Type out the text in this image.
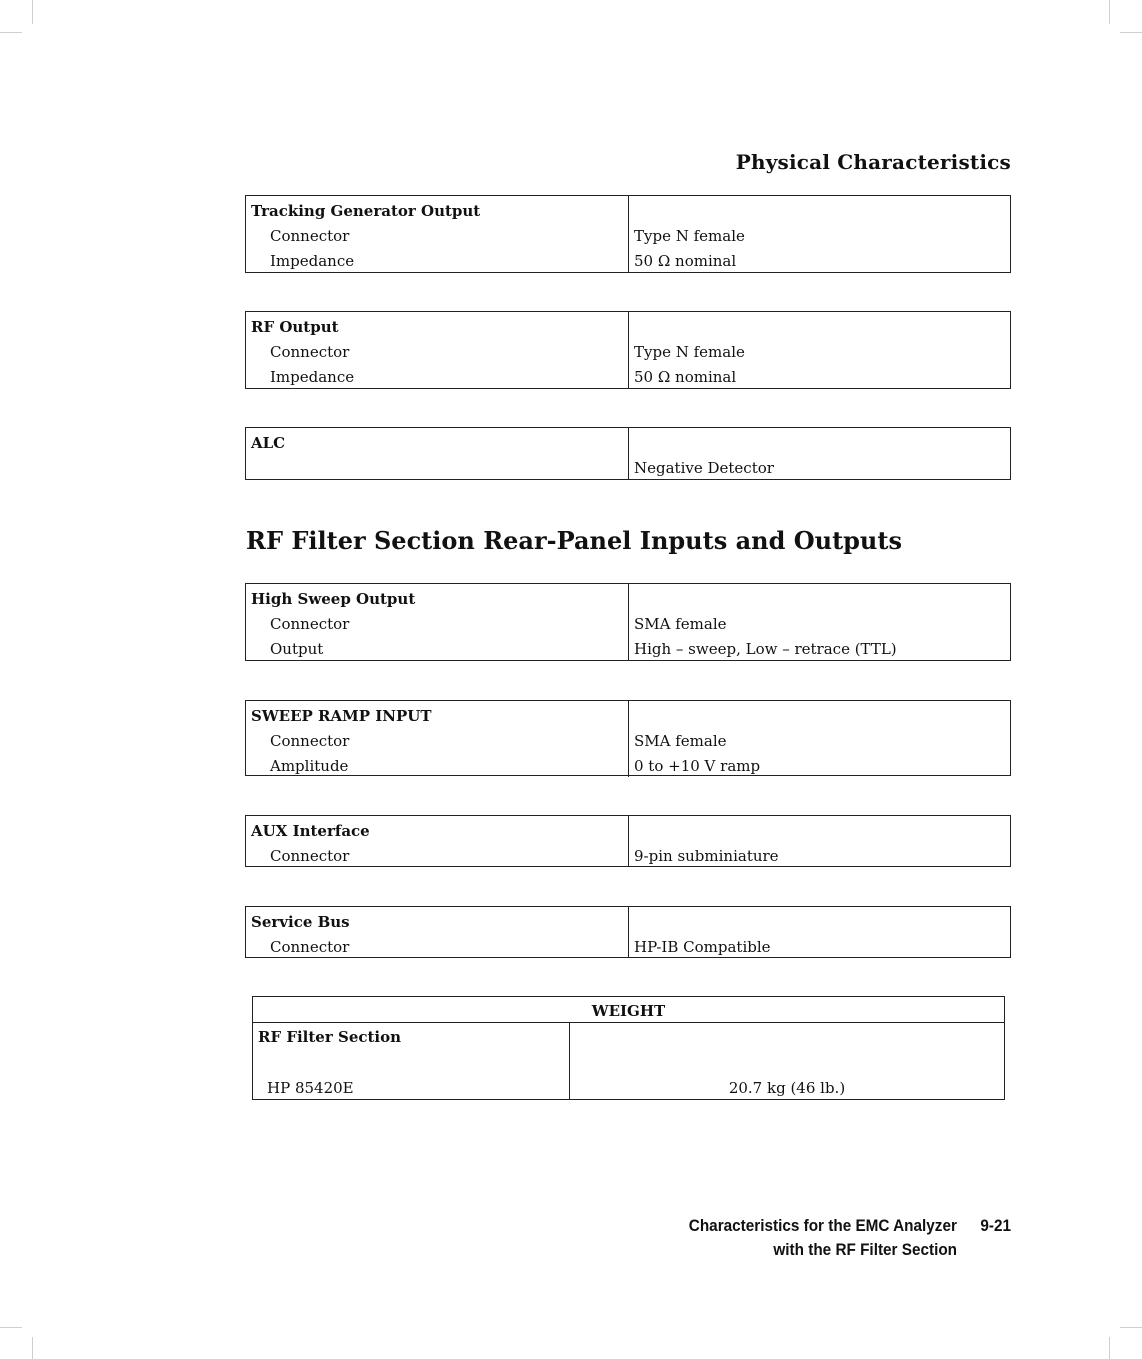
Physical Characteristics
Tracking Generator Output
Connector	Type N female
Impedance	50 Ω nominal
RF Output
Connector	Type N female
Impedance	50 Ω nominal
ALC
Negative Detector
RF Filter Section Rear-Panel Inputs and Outputs
High Sweep Output
Connector	SMA female
Output	High – sweep, Low – retrace (TTL)
SWEEP RAMP INPUT
Connector	SMA female
Amplitude	0 to +10 V ramp
AUX Interface
Connector	9-pin subminiature
Service Bus
Connector	HP-IB Compatible
WEIGHT
RF Filter Section
HP 85420E	20.7 kg (46 lb.)
Characteristics for the EMC Analyzer
with the RF Filter Section
9-21
